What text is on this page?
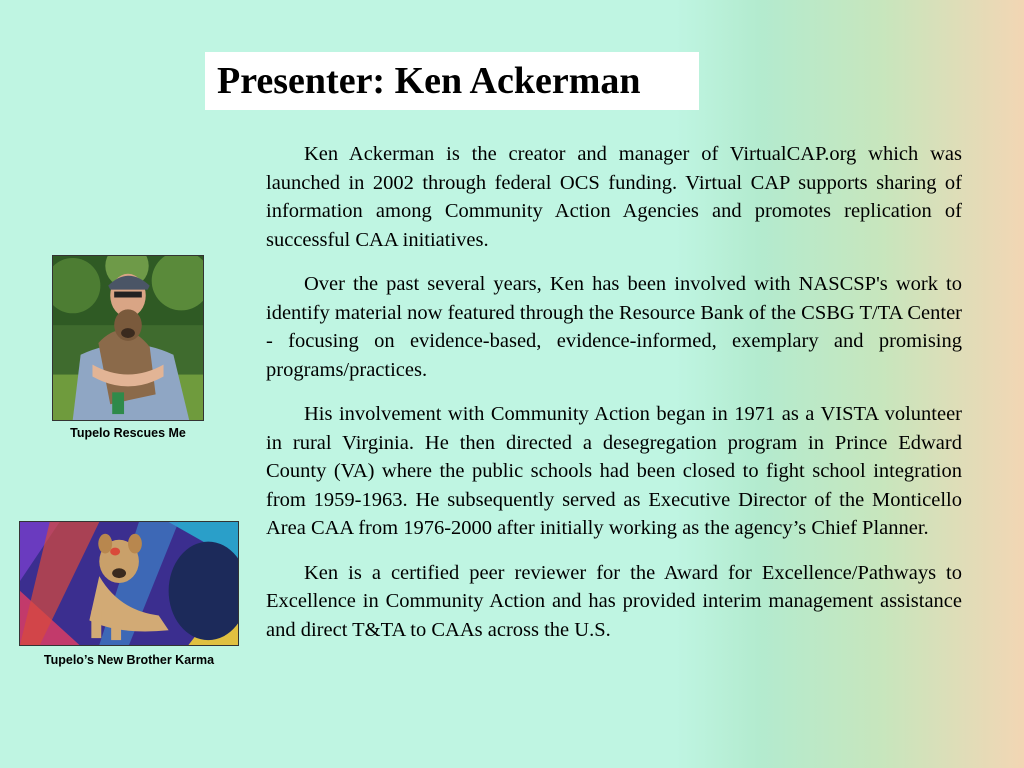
Presenter: Ken Ackerman

Ken Ackerman is the creator and manager of VirtualCAP.org which was launched in 2002 through federal OCS funding. Virtual CAP supports sharing of information among Community Action Agencies and promotes replication of successful CAA initiatives.

Over the past several years, Ken has been involved with NASCSP's work to identify material now featured through the Resource Bank of the CSBG T/TA Center - focusing on evidence-based, evidence-informed, exemplary and promising programs/practices.

His involvement with Community Action began in 1971 as a VISTA volunteer in rural Virginia. He then directed a desegregation program in Prince Edward County (VA) where the public schools had been closed to fight school integration from 1959-1963. He subsequently served as Executive Director of the Monticello Area CAA from 1976-2000 after initially working as the agency’s Chief Planner.

Ken is a certified peer reviewer for the Award for Excellence/Pathways to Excellence in Community Action and has provided interim management assistance and direct T&TA to CAAs across the U.S.

Tupelo Rescues Me
Tupelo’s New Brother Karma
